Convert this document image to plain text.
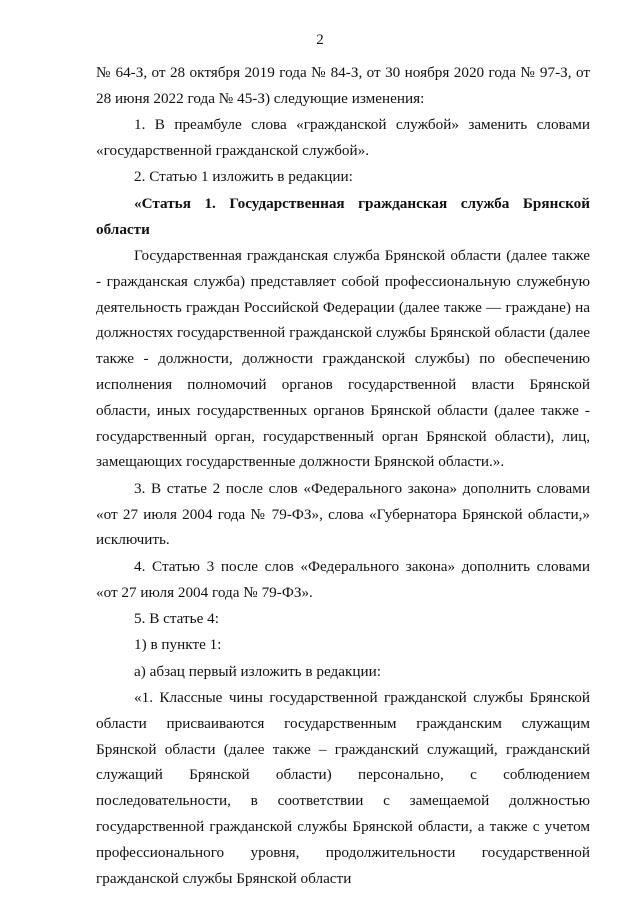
2

№ 64-З, от 28 октября 2019 года № 84-З, от 30 ноября 2020 года № 97-З, от 28 июня 2022 года № 45-З) следующие изменения:

1. В преамбуле слова «гражданской службой» заменить словами «государственной гражданской службой».

2. Статью 1 изложить в редакции:

«Статья 1. Государственная гражданская служба Брянской области

Государственная гражданская служба Брянской области (далее также - гражданская служба) представляет собой профессиональную служебную деятельность граждан Российской Федерации (далее также — граждане) на должностях государственной гражданской службы Брянской области (далее также - должности, должности гражданской службы) по обеспечению исполнения полномочий органов государственной власти Брянской области, иных государственных органов Брянской области (далее также - государственный орган, государственный орган Брянской области), лиц, замещающих государственные должности Брянской области.».

3. В статье 2 после слов «Федерального закона» дополнить словами «от 27 июля 2004 года № 79-ФЗ», слова «Губернатора Брянской области,» исключить.

4. Статью 3 после слов «Федерального закона» дополнить словами «от 27 июля 2004 года № 79-ФЗ».

5. В статье 4:

1) в пункте 1:

а) абзац первый изложить в редакции:

«1. Классные чины государственной гражданской службы Брянской области присваиваются государственным гражданским служащим Брянской области (далее также – гражданский служащий, гражданский служащий Брянской области) персонально, с соблюдением последовательности, в соответствии с замещаемой должностью государственной гражданской службы Брянской области, а также с учетом профессионального уровня, продолжительности государственной гражданской службы Брянской области
